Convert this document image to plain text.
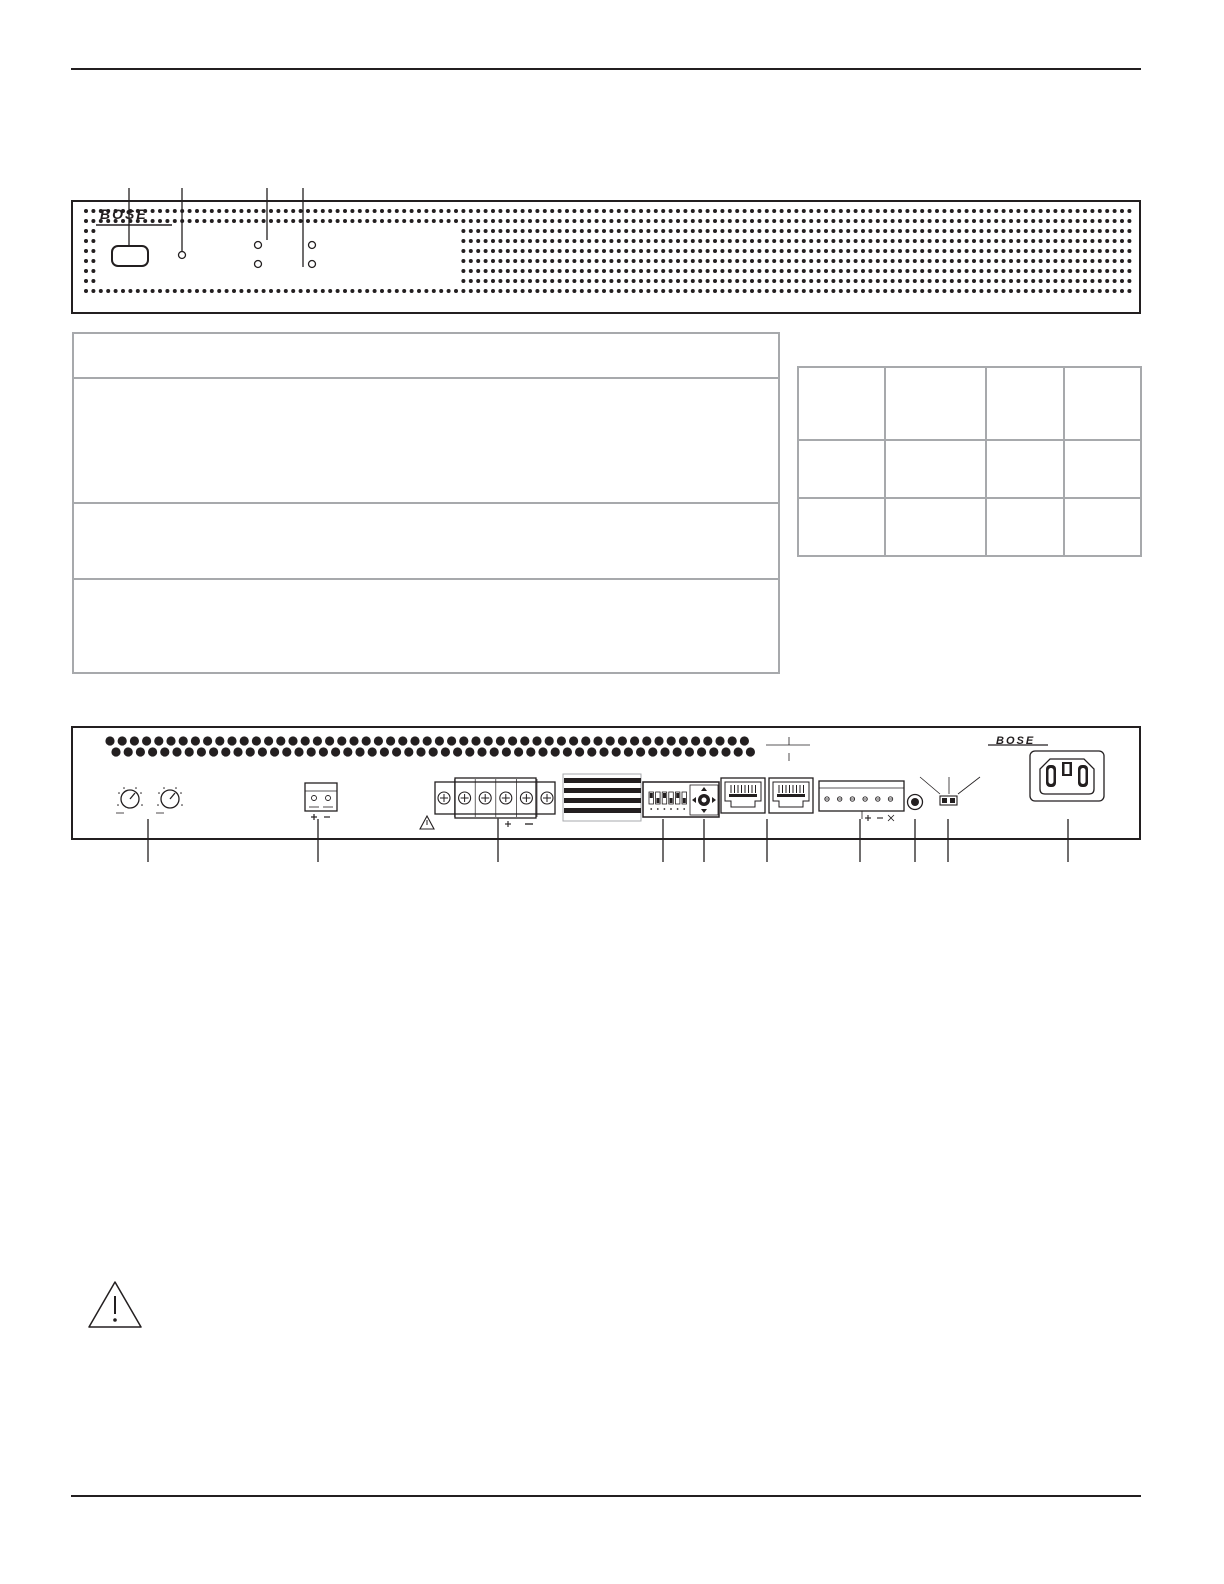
BOSE

BOSE
